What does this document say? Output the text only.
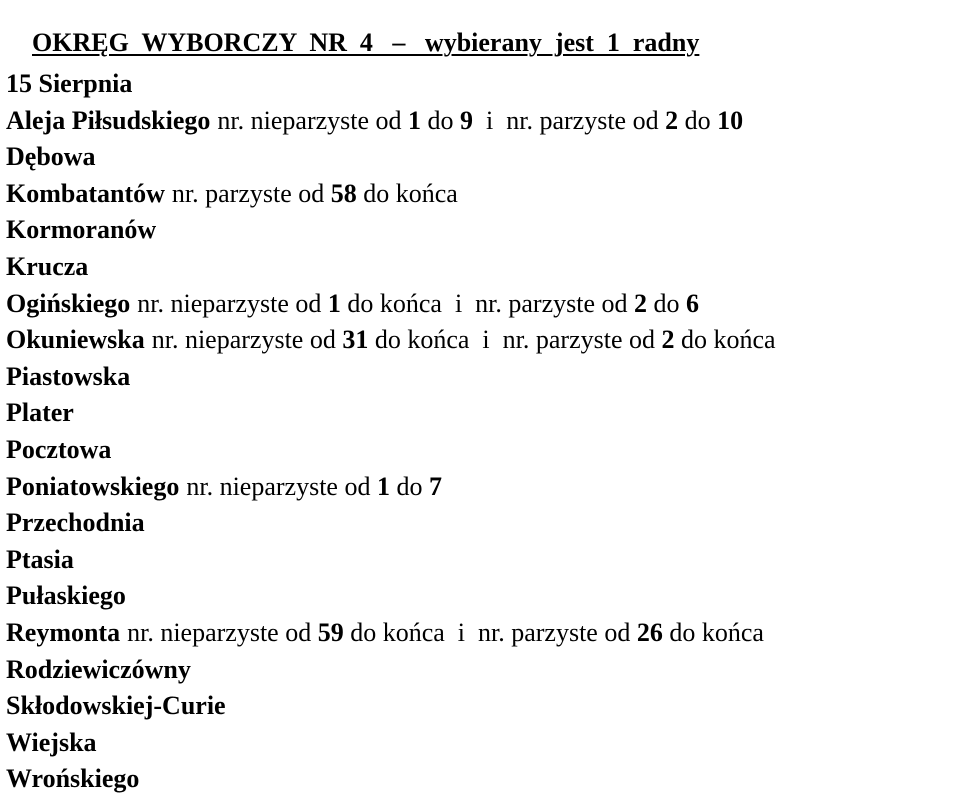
OKRĘG  WYBORCZY  NR  4   –   wybierany  jest  1  radny

15 Sierpnia
Aleja Piłsudskiego nr. nieparzyste od 1 do 9  i  nr. parzyste od 2 do 10
Dębowa
Kombatantów nr. parzyste od 58 do końca
Kormoranów
Krucza
Ogińskiego nr. nieparzyste od 1 do końca  i  nr. parzyste od 2 do 6
Okuniewska nr. nieparzyste od 31 do końca  i  nr. parzyste od 2 do końca
Piastowska
Plater
Pocztowa
Poniatowskiego nr. nieparzyste od 1 do 7
Przechodnia
Ptasia
Pułaskiego
Reymonta nr. nieparzyste od 59 do końca  i  nr. parzyste od 26 do końca
Rodziewiczówny
Skłodowskiej-Curie
Wiejska
Wrońskiego
